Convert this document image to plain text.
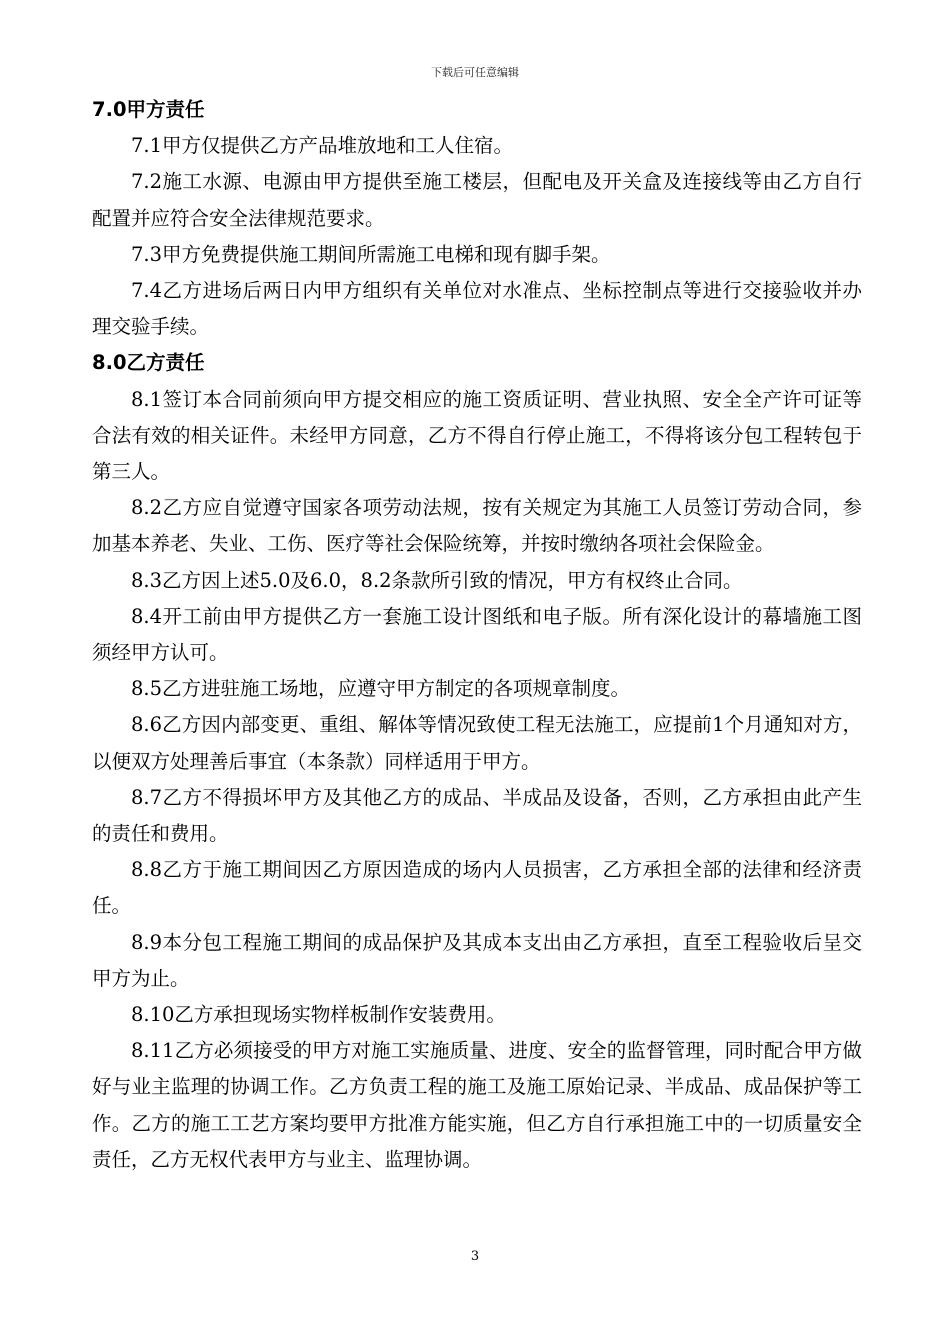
下载后可任意编辑

7.0甲方责任

7.1甲方仅提供乙方产品堆放地和工人住宿。

7.2施工水源、电源由甲方提供至施工楼层，但配电及开关盒及连接线等由乙方自行配置并应符合安全法律规范要求。

7.3甲方免费提供施工期间所需施工电梯和现有脚手架。

7.4乙方进场后两日内甲方组织有关单位对水准点、坐标控制点等进行交接验收并办理交验手续。

8.0乙方责任

8.1签订本合同前须向甲方提交相应的施工资质证明、营业执照、安全全产许可证等合法有效的相关证件。未经甲方同意，乙方不得自行停止施工，不得将该分包工程转包于第三人。

8.2乙方应自觉遵守国家各项劳动法规，按有关规定为其施工人员签订劳动合同，参加基本养老、失业、工伤、医疗等社会保险统筹，并按时缴纳各项社会保险金。

8.3乙方因上述5.0及6.0，8.2条款所引致的情况，甲方有权终止合同。

8.4开工前由甲方提供乙方一套施工设计图纸和电子版。所有深化设计的幕墙施工图须经甲方认可。

8.5乙方进驻施工场地，应遵守甲方制定的各项规章制度。

8.6乙方因内部变更、重组、解体等情况致使工程无法施工，应提前1个月通知对方，以便双方处理善后事宜（本条款）同样适用于甲方。

8.7乙方不得损坏甲方及其他乙方的成品、半成品及设备，否则，乙方承担由此产生的责任和费用。

8.8乙方于施工期间因乙方原因造成的场内人员损害，乙方承担全部的法律和经济责任。

8.9本分包工程施工期间的成品保护及其成本支出由乙方承担，直至工程验收后呈交甲方为止。

8.10乙方承担现场实物样板制作安装费用。

8.11乙方必须接受的甲方对施工实施质量、进度、安全的监督管理，同时配合甲方做好与业主监理的协调工作。乙方负责工程的施工及施工原始记录、半成品、成品保护等工作。乙方的施工工艺方案均要甲方批准方能实施，但乙方自行承担施工中的一切质量安全责任，乙方无权代表甲方与业主、监理协调。

3
